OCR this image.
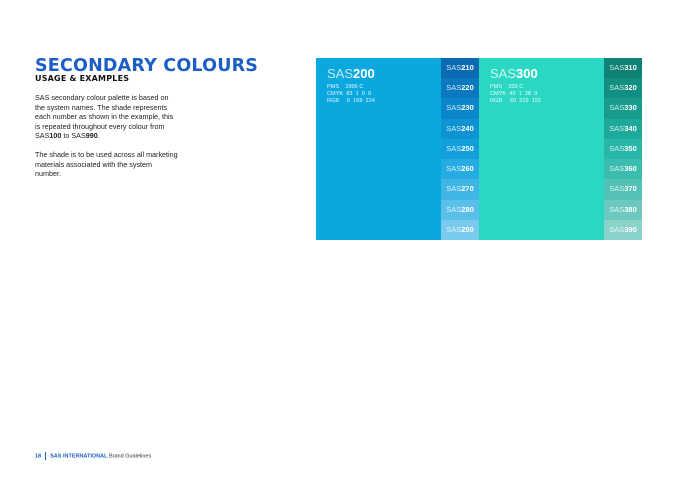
SECONDARY COLOURS
USAGE & EXAMPLES

SAS secondary colour palette is based on
the system names. The shade represents
each number as shown in the example, this
is repeated throughout every colour from
SAS100 to SAS990.

The shade is to be used across all marketing
materials associated with the system
number.

SAS200
PMS    2995 C
CMYK  83  1  0  0
RGB     0  169  224
SAS210
SAS220
SAS230
SAS240
SAS250
SAS260
SAS270
SAS280
SAS290
SAS300
PMS    333 C
CMYK  49  1  28  0
RGB     60  219  192
SAS310
SAS320
SAS330
SAS340
SAS350
SAS360
SAS370
SAS380
SAS390
18 SAS INTERNATIONAL Brand Guidelines
